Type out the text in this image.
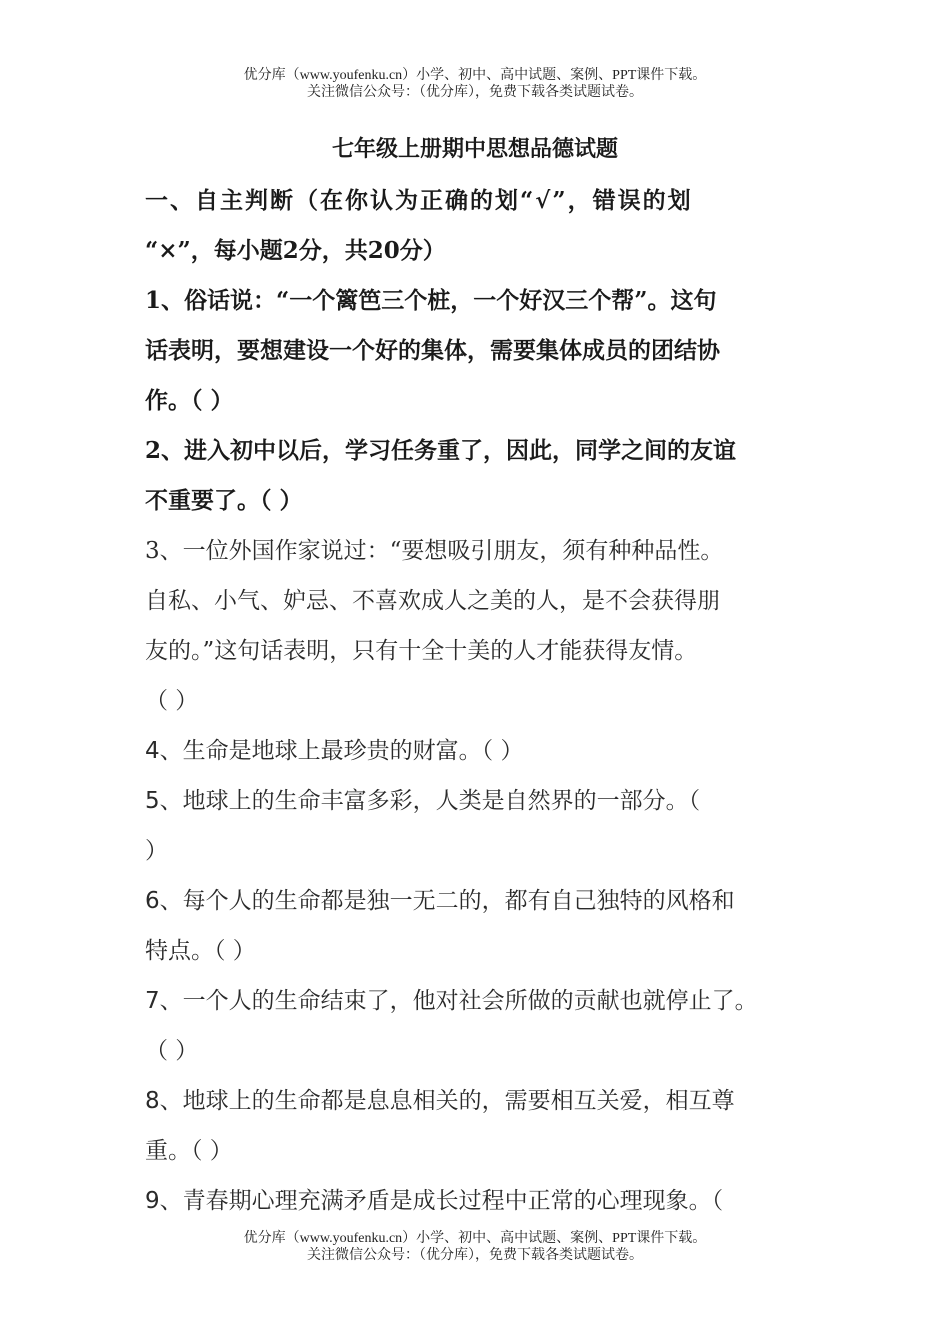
优分库（www.youfenku.cn）小学、初中、高中试题、案例、PPT课件下载。
关注微信公众号：（优分库），免费下载各类试题试卷。
七年级上册期中思想品德试题

一、自主判断（在你认为正确的划“√”，错误的划

“×”，每小题2分，共20分）

1、俗话说：“一个篱笆三个桩，一个好汉三个帮”。这句

话表明，要想建设一个好的集体，需要集体成员的团结协

作。（ ）

2、进入初中以后，学习任务重了，因此，同学之间的友谊

不重要了。（ ）

3、一位外国作家说过：“要想吸引朋友，须有种种品性。

自私、小气、妒忌、不喜欢成人之美的人，是不会获得朋

友的。”这句话表明，只有十全十美的人才能获得友情。

（ ）

4、生命是地球上最珍贵的财富。（ ）

5、地球上的生命丰富多彩，人类是自然界的一部分。（

）

6、每个人的生命都是独一无二的，都有自己独特的风格和

特点。（ ）

7、一个人的生命结束了，他对社会所做的贡献也就停止了。

（ ）

8、地球上的生命都是息息相关的，需要相互关爱，相互尊

重。（ ）

9、青春期心理充满矛盾是成长过程中正常的心理现象。（

优分库（www.youfenku.cn）小学、初中、高中试题、案例、PPT课件下载。
关注微信公众号：（优分库），免费下载各类试题试卷。
